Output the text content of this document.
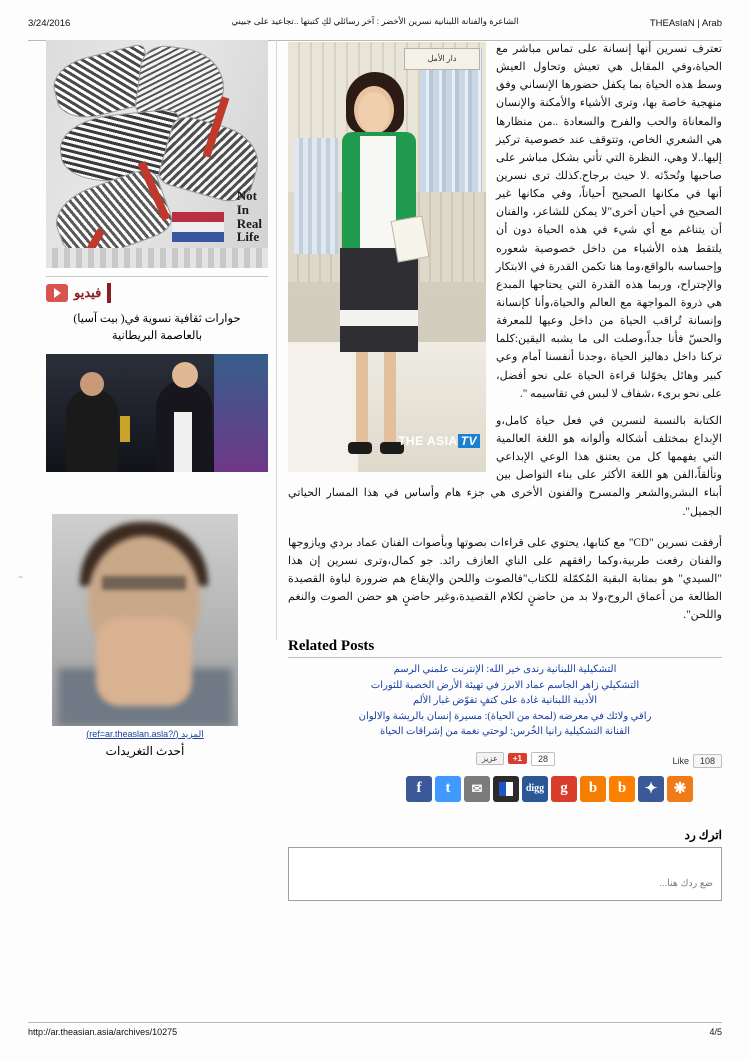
3/24/2016	الشاعرة والفنانة اللبنانية نسرين الأخضر : آخر رسائلي لكِ كتبتها ..تجاعيد على جبيني	THEAsIaN | Arab
~
Not
In
Real
Life
فيديو
حوارات ثقافية نسوية في( بيت آسيا)
بالعاصمة البريطانية
المزيد (/?ref=ar.theaslan.asla)
أحدث التغريدات
دار الأمل
THE ASIA TV

تعترف نسرين أنها إنسانة على تماس مباشر مع الحياة،وفي المقابل هي تعيش وتحاول العيش وسط هذه الحياة بما يكفل حضورها الإنساني وفق منهجية خاصة بها، وترى الأشياء والأمكنة والإنسان والمعاناة والحب والفرح والسعادة ..من منظارها هي الشعري الخاص، وتتوقف عند خصوصية تركيز إليها..لا وهي، النظرة التي تأتي بشكل مباشر على صاحبها وتُحدّثه .لا حيث برجاح.كذلك ترى نسرين أنها في مكانها الصحيح أحياناً، وفي مكانها غير الصحيح في أحيان أخرى"لا يمكن للشاعر، والفنان أن يتناغم مع أي شيء في هذه الحياة دون أن يلتقط هذه الأشياء من داخل خصوصية شعوره وإحساسه بالواقع،وما هنا تكمن القدرة في الابتكار والإجتراح، وربما هذه القدرة التي يحتاجها المبدع هي ذروة المواجهة مع العالم والحياة،وأنا كإنسانة وإنسانة تُراقب الحياة من داخل وعيها للمعرفة والحسّ فأنا جداً،وصلت الى ما يشبه اليقين:كلما تركنا داخل دهاليز الحياة ،وجدنا أنفسنا أمام وعي كبير وهائل يخوّلنا قراءة الحياة على نحو أفضل، على نحو برىء ،شفاف لا لبس في تقاسيمه ".

الكتابة بالنسبة لنسرين في فعل حياة كامل،و الإبداع بمختلف أشكاله وألوانه هو اللغة العالمية التي يفهمها كل من يعتنق هذا الوعي الإبداعي وتألقاً،الفن هو اللغة الأكثر على بناء التواصل بين أبناء البشر,والشعر والمسرح والفنون الأخرى هي جزء هام وأساس في هذا المسار الحياتي الجميل".

أرفقت نسرين "CD" مع كتابها، يحتوي على قراءات بصوتها وبأصوات الفنان عماد بردي ويازوجها والفنان رفعت طربية،وكما رافقهم على الناي العازف رائد. جو كمال،وترى نسرين إن هذا "السيدي" هو بمثابة البقية المُكمّلة للكتاب"فالصوت واللحن والإيقاع هم ضرورة لباوة القصيدة الطالعة من أعماق الروح،ولا بد من حاضنٍ لكلام القصيدة،وغير حاضنٍ هو حضن الصوت والنغم واللحن".

Related Posts
التشكيلية اللبنانية رندى خير الله: الإنترنت علمني الرسم
التشكيلي زاهر الجاسم عماد الابرز في تهيئة الأرض الخصبة للثورات
الأديبة اللبنانية غادة على كتفٍ تفوّض غبار الألم
راقي ولائك في معرضه (لمحة من الحياة): مسيرة إنسان بالريشة والالوان
الفنانة التشكيلية رانيا الخُرس: لوحتي نغمة من إشراقات الحياة
عزيز	+1	28	Like	108
f	t	✉	digg	g	b	b	✦	❋
اترك رد
ضع ردك هنا...
http://ar.theasian.asia/archives/10275	4/5
